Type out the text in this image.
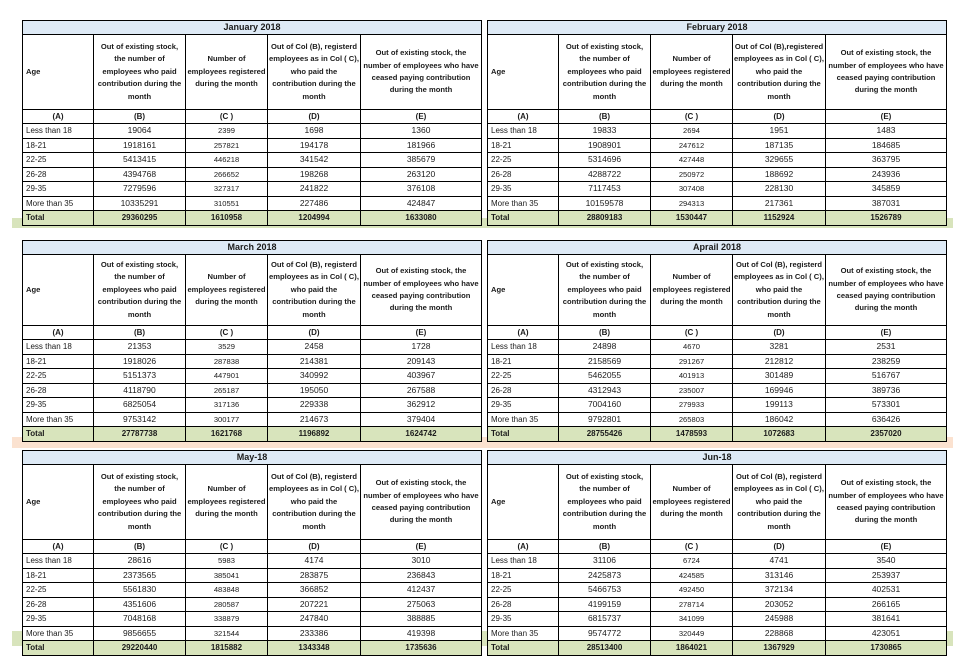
January 2018				

Age	Out of existing stock, the number of employees who paid contribution during the month	Number of employees registered during the month	Out of Col (B), registerd employees as in Col ( C), who paid the contribution during the month	Out of existing stock, the number of employees who have ceased paying contribution during the month

(A)	(B)	(C )	(D)	(E)
Less than 18	19064	2399	1698	1360
18-21	1918161	257821	194178	181966
22-25	5413415	446218	341542	385679
26-28	4394768	266652	198268	263120
29-35	7279596	327317	241822	376108
More than 35	10335291	310551	227486	424847
Total	29360295	1610958	1204994	1633080
February 2018				

Age	Out of existing stock, the number of employees who paid contribution during the month	Number of employees registered during the month	Out of Col (B),registered employees as in Col ( C), who paid the contribution during the month	Out of existing stock, the number of employees who have ceased paying contribution during the month

(A)	(B)	(C )	(D)	(E)
Less than 18	19833	2694	1951	1483
18-21	1908901	247612	187135	184685
22-25	5314696	427448	329655	363795
26-28	4288722	250972	188692	243936
29-35	7117453	307408	228130	345859
More than 35	10159578	294313	217361	387031
Total	28809183	1530447	1152924	1526789
March 2018				

Age	Out of existing stock, the number of employees who paid contribution during the month	Number of employees registered during the month	Out of Col (B), registerd employees as in Col ( C), who paid the contribution during the month	Out of existing stock, the number of employees who have ceased paying contribution during the month

(A)	(B)	(C )	(D)	(E)
Less than 18	21353	3529	2458	1728
18-21	1918026	287838	214381	209143
22-25	5151373	447901	340992	403967
26-28	4118790	265187	195050	267588
29-35	6825054	317136	229338	362912
More than 35	9753142	300177	214673	379404
Total	27787738	1621768	1196892	1624742
Aprail 2018				

Age	Out of existing stock, the number of employees who paid contribution during the month	Number of employees registered during the month	Out of Col (B), registerd employees as in Col ( C), who paid the contribution during the month	Out of existing stock, the number of employees who have ceased paying contribution during the month

(A)	(B)	(C )	(D)	(E)
Less than 18	24898	4670	3281	2531
18-21	2158569	291267	212812	238259
22-25	5462055	401913	301489	516767
26-28	4312943	235007	169946	389736
29-35	7004160	279933	199113	573301
More than 35	9792801	265803	186042	636426
Total	28755426	1478593	1072683	2357020
May-18				

Age	Out of existing stock, the number of employees who paid contribution during the month	Number of employees registered during the month	Out of Col (B), registerd employees as in Col ( C), who paid the contribution during the month	Out of existing stock, the number of employees who have ceased paying contribution during the month

(A)	(B)	(C )	(D)	(E)
Less than 18	28616	5983	4174	3010
18-21	2373565	385041	283875	236843
22-25	5561830	483848	366852	412437
26-28	4351606	280587	207221	275063
29-35	7048168	338879	247840	388885
More than 35	9856655	321544	233386	419398
Total	29220440	1815882	1343348	1735636
Jun-18				

Age	Out of existing stock, the number of employees who paid contribution during the month	Number of employees registered during the month	Out of Col (B), registerd employees as in Col ( C), who paid the contribution during the month	Out of existing stock, the number of employees who have ceased paying contribution during the month

(A)	(B)	(C )	(D)	(E)
Less than 18	31106	6724	4741	3540
18-21	2425873	424585	313146	253937
22-25	5466753	492450	372134	402531
26-28	4199159	278714	203052	266165
29-35	6815737	341099	245988	381641
More than 35	9574772	320449	228868	423051
Total	28513400	1864021	1367929	1730865
